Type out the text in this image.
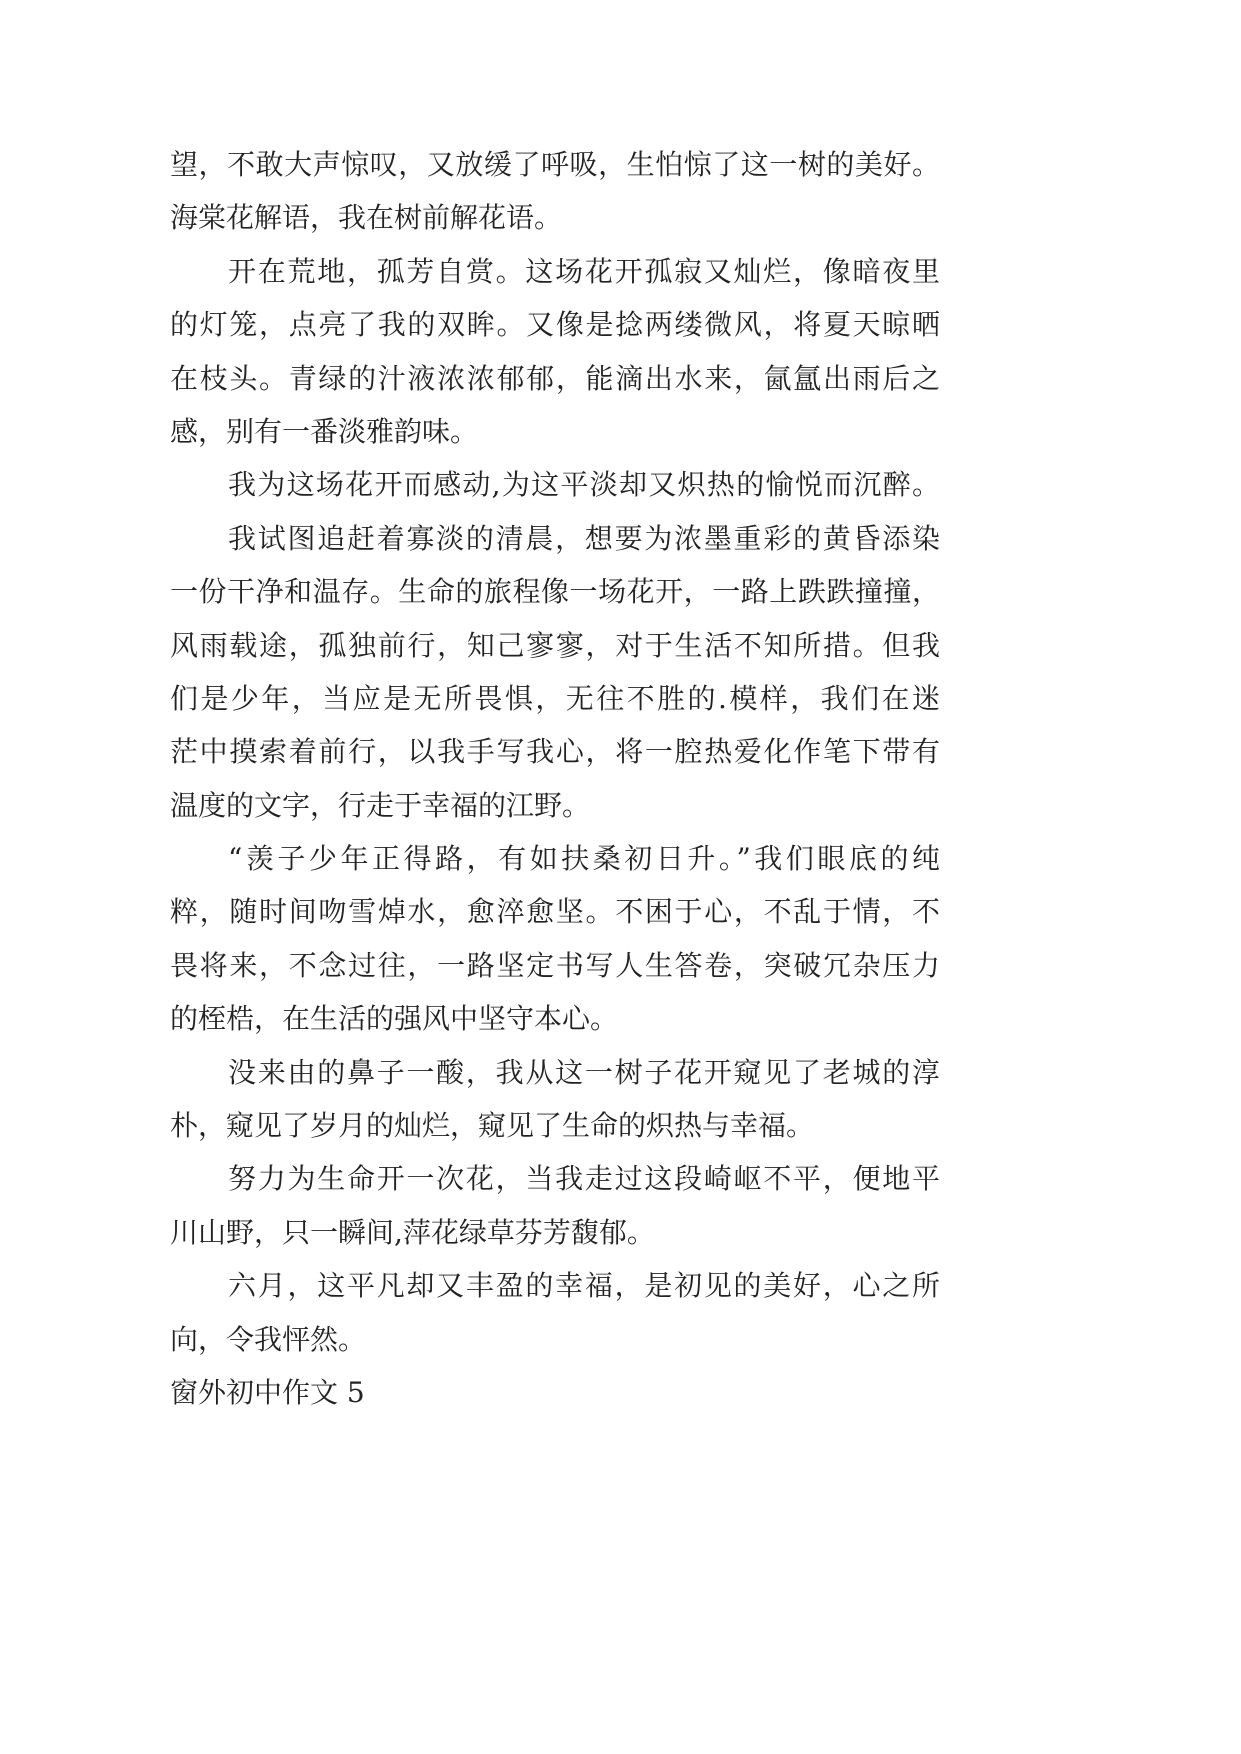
望，不敢大声惊叹，又放缓了呼吸，生怕惊了这一树的美好。
海棠花解语，我在树前解花语。
开在荒地，孤芳自赏。这场花开孤寂又灿烂，像暗夜里
的灯笼，点亮了我的双眸。又像是捻两缕微风，将夏天晾晒
在枝头。青绿的汁液浓浓郁郁，能滴出水来，氤氲出雨后之
感，别有一番淡雅韵味。
我为这场花开而感动,为这平淡却又炽热的愉悦而沉醉。
我试图追赶着寡淡的清晨，想要为浓墨重彩的黄昏添染
一份干净和温存。生命的旅程像一场花开，一路上跌跌撞撞，
风雨载途，孤独前行，知己寥寥，对于生活不知所措。但我
们是少年，当应是无所畏惧，无往不胜的.模样，我们在迷
茫中摸索着前行，以我手写我心，将一腔热爱化作笔下带有
温度的文字，行走于幸福的江野。
“羡子少年正得路，有如扶桑初日升。”我们眼底的纯
粹，随时间吻雪焯水，愈淬愈坚。不困于心，不乱于情，不
畏将来，不念过往，一路坚定书写人生答卷，突破冗杂压力
的桎梏，在生活的强风中坚守本心。
没来由的鼻子一酸，我从这一树子花开窥见了老城的淳
朴，窥见了岁月的灿烂，窥见了生命的炽热与幸福。
努力为生命开一次花，当我走过这段崎岖不平，便地平
川山野，只一瞬间,萍花绿草芬芳馥郁。
六月，这平凡却又丰盈的幸福，是初见的美好，心之所
向，令我怦然。
窗外初中作文 5
